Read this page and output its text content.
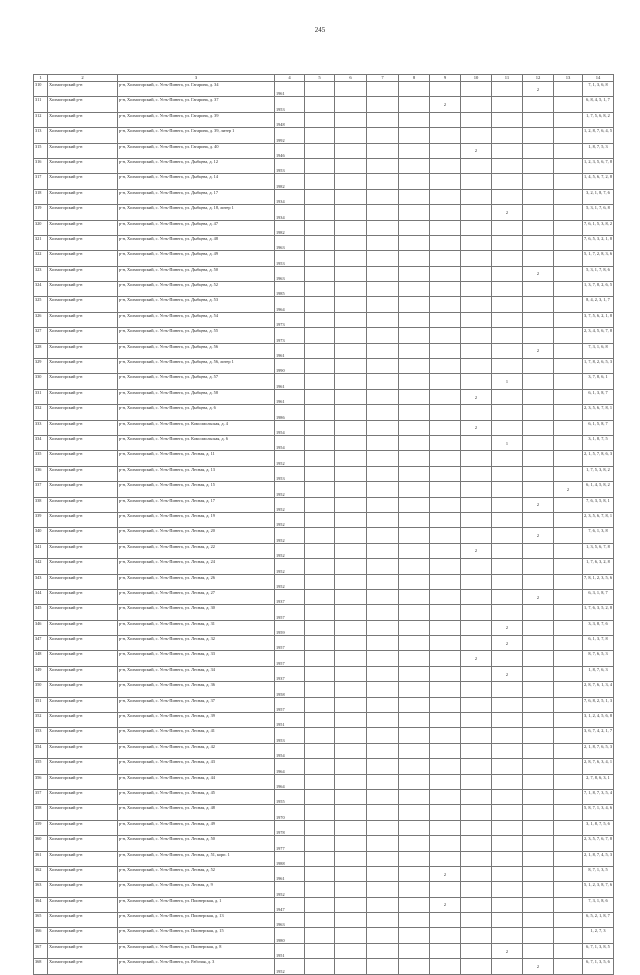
245
1	2	3	4	5	6	7	8	9	10	11	12	13	14
310	Холмогорский р-н	р-н, Холмогорский, с. Усть-Пинега, ул. Гагарина, д. 34	1961								2		7, 1, 3, 6, 8
311	Холмогорский р-н	р-н, Холмогорский, с. Усть-Пинега, ул. Гагарина, д. 37	1953					2					6, 8, 4, 5, 1, 7
312	Холмогорский р-н	р-н, Холмогорский, с. Усть-Пинега, ул. Гагарина, д. 39	1948										1, 7, 5, 6, 8, 2
313	Холмогорский р-н	р-н, Холмогорский, с. Усть-Пинега, ул. Гагарина, д. 39, литер 1	1992										1, 2, 8, 7, 6, 4, 5
315	Холмогорский р-н	р-н, Холмогорский, с. Усть-Пинега, ул. Гагарина, д. 40	1946						2				1, 8, 7, 5, 3
316	Холмогорский р-н	р-н, Холмогорский, с. Усть-Пинега, ул. Дыбцева, д. 12	1953										1, 2, 3, 5, 6, 7, 8
317	Холмогорский р-н	р-н, Холмогорский, с. Усть-Пинега, ул. Дыбцева, д. 14	1982										1, 4, 5, 6, 7, 2, 8
318	Холмогорский р-н	р-н, Холмогорский, с. Усть-Пинега, ул. Дыбцева, д. 17	1934										3, 2, 1, 8, 7, 6
319	Холмогорский р-н	р-н, Холмогорский, с. Усть-Пинега, ул. Дыбцева, д. 18, литер 1	1934							2			5, 3, 1, 7, 6, 8
320	Холмогорский р-н	р-н, Холмогорский, с. Усть-Пинега, ул. Дыбцева, д. 47	1982										7, 6, 1, 5, 3, 8, 2
321	Холмогорский р-н	р-н, Холмогорский, с. Усть-Пинега, ул. Дыбцева, д. 48	1963										7, 6, 5, 3, 2, 1, 8
322	Холмогорский р-н	р-н, Холмогорский, с. Усть-Пинега, ул. Дыбцева, д. 49	1953										5, 1, 7, 2, 8, 3, 6
323	Холмогорский р-н	р-н, Холмогорский, с. Усть-Пинега, ул. Дыбцева, д. 50	1963								2		5, 3, 1, 7, 8, 6
324	Холмогорский р-н	р-н, Холмогорский, с. Усть-Пинега, ул. Дыбцева, д. 52	1985										1, 3, 7, 8, 2, 6, 5
325	Холмогорский р-н	р-н, Холмогорский, с. Усть-Пинега, ул. Дыбцева, д. 53	1964										8, 4, 2, 3, 1, 7
326	Холмогорский р-н	р-н, Холмогорский, с. Усть-Пинега, ул. Дыбцева, д. 54	1973										3, 7, 5, 6, 2, 1, 8
327	Холмогорский р-н	р-н, Холмогорский, с. Усть-Пинега, ул. Дыбцева, д. 55	1973										2, 3, 4, 5, 6, 7, 8
328	Холмогорский р-н	р-н, Холмогорский, с. Усть-Пинега, ул. Дыбцева, д. 56	1961								2		7, 3, 1, 6, 8
329	Холмогорский р-н	р-н, Холмогорский, с. Усть-Пинега, ул. Дыбцева, д. 56, литер 1	1990										1, 7, 8, 2, 6, 5, 3
330	Холмогорский р-н	р-н, Холмогорский, с. Усть-Пинега, ул. Дыбцева, д. 57	1961							1			3, 7, 8, 6, 1
331	Холмогорский р-н	р-н, Холмогорский, с. Усть-Пинега, ул. Дыбцева, д. 58	1961						2				6, 1, 3, 8, 7
332	Холмогорский р-н	р-н, Холмогорский, с. Усть-Пинега, ул. Дыбцева, д. 6	1986										2, 3, 5, 6, 7, 8, 1
333	Холмогорский р-н	р-н, Холмогорский, с. Усть-Пинега, ул. Комсомольская, д. 4	1954						2				6, 1, 5, 8, 7
334	Холмогорский р-н	р-н, Холмогорский, с. Усть-Пинега, ул. Комсомольская, д. 6	1954							1			3, 1, 8, 7, 5
335	Холмогорский р-н	р-н, Холмогорский, с. Усть-Пинега, ул. Лесная, д. 11	1952										2, 1, 5, 7, 8, 6, 3
336	Холмогорский р-н	р-н, Холмогорский, с. Усть-Пинега, ул. Лесная, д. 13	1953										1, 7, 5, 3, 8, 2
337	Холмогорский р-н	р-н, Холмогорский, с. Усть-Пинега, ул. Лесная, д. 15	1952									2	6, 1, 4, 5, 8, 2
338	Холмогорский р-н	р-н, Холмогорский, с. Усть-Пинега, ул. Лесная, д. 17	1952								2		7, 6, 3, 5, 8, 1
339	Холмогорский р-н	р-н, Холмогорский, с. Усть-Пинега, ул. Лесная, д. 19	1952										2, 3, 5, 6, 7, 8, 1
340	Холмогорский р-н	р-н, Холмогорский, с. Усть-Пинега, ул. Лесная, д. 20	1952								2		7, 6, 1, 3, 8
341	Холмогорский р-н	р-н, Холмогорский, с. Усть-Пинега, ул. Лесная, д. 22	1952						2				1, 3, 5, 6, 7, 8
342	Холмогорский р-н	р-н, Холмогорский, с. Усть-Пинега, ул. Лесная, д. 24	1952										1, 7, 6, 3, 2, 8
343	Холмогорский р-н	р-н, Холмогорский, с. Усть-Пинега, ул. Лесная, д. 26	1952										7, 8, 1, 2, 3, 5, 6
344	Холмогорский р-н	р-н, Холмогорский, с. Усть-Пинега, ул. Лесная, д. 27	1937								2		6, 3, 1, 8, 7
345	Холмогорский р-н	р-н, Холмогорский, с. Усть-Пинега, ул. Лесная, д. 30	1957										1, 7, 6, 3, 5, 2, 8
346	Холмогорский р-н	р-н, Холмогорский, с. Усть-Пинега, ул. Лесная, д. 31	1959							2			3, 3, 8, 7, 6
347	Холмогорский р-н	р-н, Холмогорский, с. Усть-Пинега, ул. Лесная, д. 32	1957							2			6, 1, 3, 7, 8
348	Холмогорский р-н	р-н, Холмогорский, с. Усть-Пинега, ул. Лесная, д. 33	1957						2				8, 7, 6, 5, 3
349	Холмогорский р-н	р-н, Холмогорский, с. Усть-Пинега, ул. Лесная, д. 34	1937							2			1, 8, 7, 6, 3
350	Холмогорский р-н	р-н, Холмогорский, с. Усть-Пинега, ул. Лесная, д. 36	1958										2, 8, 7, 6, 1, 3, 4
351	Холмогорский р-н	р-н, Холмогорский, с. Усть-Пинега, ул. Лесная, д. 37	1957										7, 6, 8, 2, 5, 1, 3
352	Холмогорский р-н	р-н, Холмогорский, с. Усть-Пинега, ул. Лесная, д. 39	1951										3, 1, 2, 4, 5, 6, 8
353	Холмогорский р-н	р-н, Холмогорский, с. Усть-Пинега, ул. Лесная, д. 41	1953										3, 6, 7, 4, 2, 1, 7
354	Холмогорский р-н	р-н, Холмогорский, с. Усть-Пинега, ул. Лесная, д. 42	1954										2, 1, 8, 7, 6, 5, 3
355	Холмогорский р-н	р-н, Холмогорский, с. Усть-Пинега, ул. Лесная, д. 43	1964										2, 8, 7, 6, 3, 4, 1
356	Холмогорский р-н	р-н, Холмогорский, с. Усть-Пинега, ул. Лесная, д. 44	1964										2, 7, 8, 6, 3, 1
357	Холмогорский р-н	р-н, Холмогорский, с. Усть-Пинега, ул. Лесная, д. 45	1955										7, 1, 8, 7, 3, 5, 4
358	Холмогорский р-н	р-н, Холмогорский, с. Усть-Пинега, ул. Лесная, д. 48	1970										5, 8, 7, 1, 3, 4, 6
359	Холмогорский р-н	р-н, Холмогорский, с. Усть-Пинега, ул. Лесная, д. 49	1978										3, 1, 8, 7, 5, 6
360	Холмогорский р-н	р-н, Холмогорский, с. Усть-Пинега, ул. Лесная, д. 50	1977										2, 3, 5, 7, 6, 7, 8
361	Холмогорский р-н	р-н, Холмогорский, с. Усть-Пинега, ул. Лесная, д. 51, корп. 1	1988										2, 1, 8, 7, 4, 5, 3
362	Холмогорский р-н	р-н, Холмогорский, с. Усть-Пинега, ул. Лесная, д. 52	1961					2					8, 7, 1, 3, 5
363	Холмогорский р-н	р-н, Холмогорский, с. Усть-Пинега, ул. Лесная, д. 9	1952										5, 1, 2, 3, 8, 7, 6
364	Холмогорский р-н	р-н, Холмогорский, с. Усть-Пинега, ул. Пионерская, д. 1	1947					2					7, 3, 1, 8, 6
365	Холмогорский р-н	р-н, Холмогорский, с. Усть-Пинега, ул. Пионерская, д. 13	1963										6, 5, 2, 1, 8, 7
366	Холмогорский р-н	р-н, Холмогорский, с. Усть-Пинега, ул. Пионерская, д. 15	1980										1, 2, 7, 3
367	Холмогорский р-н	р-н, Холмогорский, с. Усть-Пинега, ул. Пионерская, д. 8	1951							2			6, 7, 1, 3, 8, 5
368	Холмогорский р-н	р-н, Холмогорский, с. Усть-Пинега, ул. Рабочая, д. 3	1952								2		6, 7, 1, 3, 5, 6
